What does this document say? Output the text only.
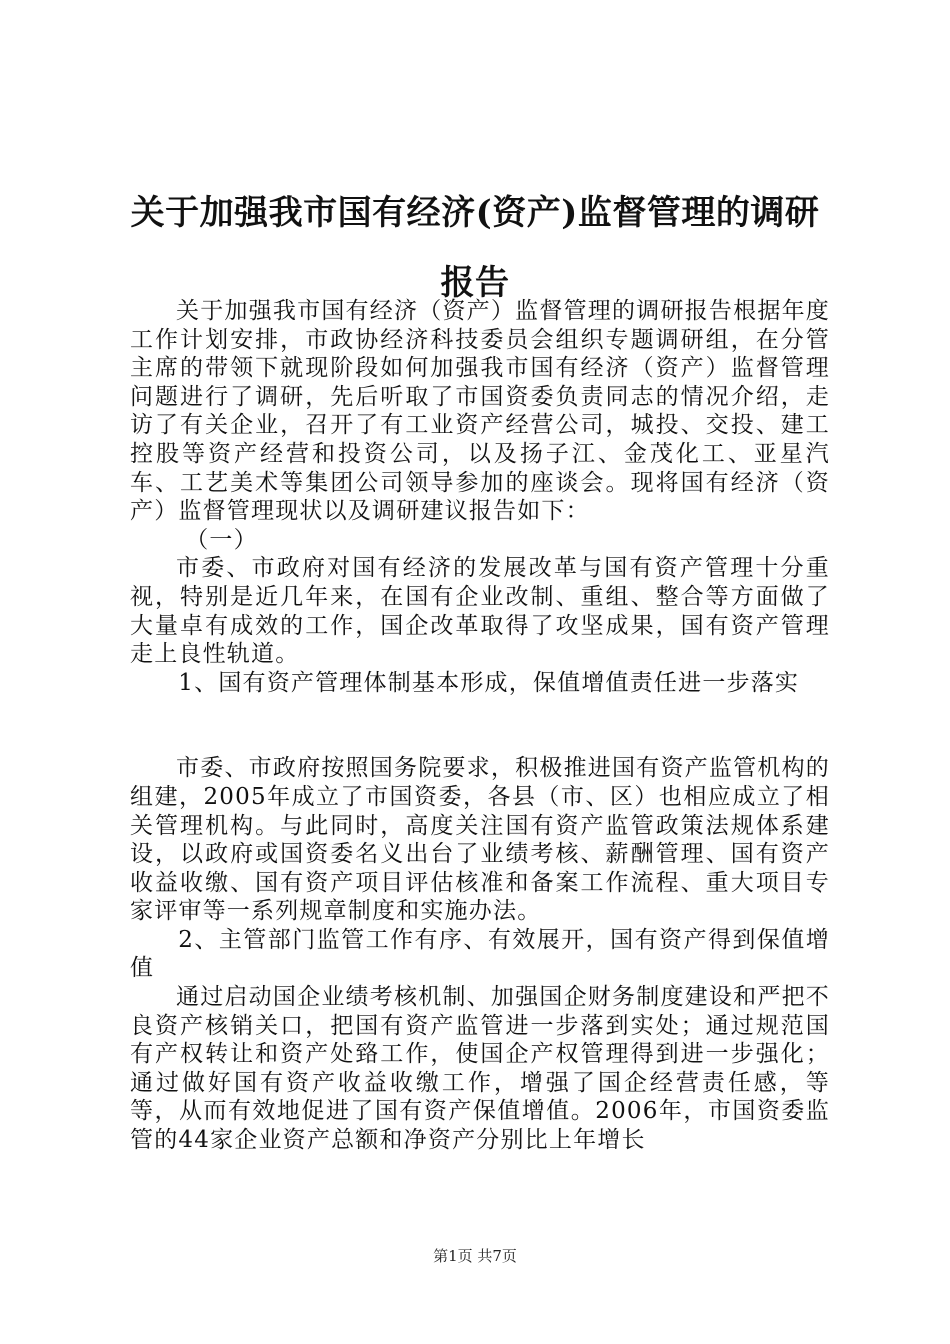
关于加强我市国有经济(资产)监督管理的调研报告

关于加强我市国有经济（资产）监督管理的调研报告根据年度工作计划安排，市政协经济科技委员会组织专题调研组，在分管主席的带领下就现阶段如何加强我市国有经济（资产）监督管理问题进行了调研，先后听取了市国资委负责同志的情况介绍，走访了有关企业，召开了有工业资产经营公司，城投、交投、建工控股等资产经营和投资公司，以及扬子江、金茂化工、亚星汽车、工艺美术等集团公司领导参加的座谈会。现将国有经济（资产）监督管理现状以及调研建议报告如下：

（一）

市委、市政府对国有经济的发展改革与国有资产管理十分重视，特别是近几年来，在国有企业改制、重组、整合等方面做了大量卓有成效的工作，国企改革取得了攻坚成果，国有资产管理走上良性轨道。

1、国有资产管理体制基本形成，保值增值责任进一步落实

市委、市政府按照国务院要求，积极推进国有资产监管机构的组建，2005年成立了市国资委，各县（市、区）也相应成立了相关管理机构。与此同时，高度关注国有资产监管政策法规体系建设，以政府或国资委名义出台了业绩考核、薪酬管理、国有资产收益收缴、国有资产项目评估核准和备案工作流程、重大项目专家评审等一系列规章制度和实施办法。

2、主管部门监管工作有序、有效展开，国有资产得到保值增值

通过启动国企业绩考核机制、加强国企财务制度建设和严把不良资产核销关口，把国有资产监管进一步落到实处；通过规范国有产权转让和资产处臵工作，使国企产权管理得到进一步强化；通过做好国有资产收益收缴工作，增强了国企经营责任感，等等，从而有效地促进了国有资产保值增值。2006年，市国资委监管的44家企业资产总额和净资产分别比上年增长

第1页 共7页
